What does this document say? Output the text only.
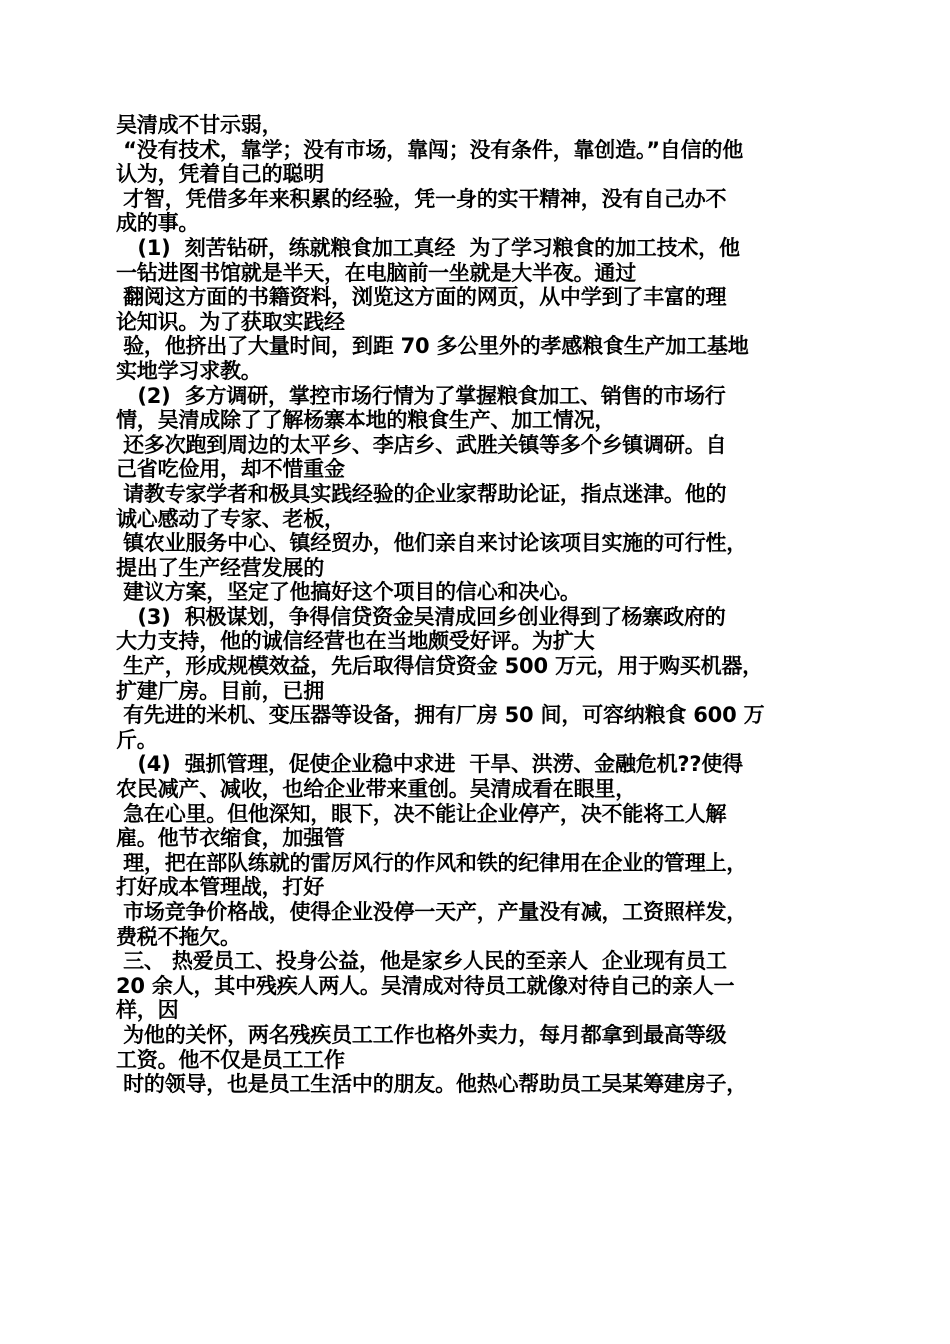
吴清成不甘示弱，
“没有技术，靠学；没有市场，靠闯；没有条件，靠创造。”自信的他
认为，凭着自己的聪明
才智，凭借多年来积累的经验，凭一身的实干精神，没有自己办不
成的事。
(1)  刻苦钻研，练就粮食加工真经  为了学习粮食的加工技术，他
一钻进图书馆就是半天，在电脑前一坐就是大半夜。通过
翻阅这方面的书籍资料，浏览这方面的网页，从中学到了丰富的理
论知识。为了获取实践经
验，他挤出了大量时间，到距 70 多公里外的孝感粮食生产加工基地
实地学习求教。
(2)  多方调研，掌控市场行情为了掌握粮食加工、销售的市场行
情，吴清成除了了解杨寨本地的粮食生产、加工情况，
还多次跑到周边的太平乡、李店乡、武胜关镇等多个乡镇调研。自
己省吃俭用，却不惜重金
请教专家学者和极具实践经验的企业家帮助论证，指点迷津。他的
诚心感动了专家、老板，
镇农业服务中心、镇经贸办，他们亲自来讨论该项目实施的可行性，
提出了生产经营发展的
建议方案，坚定了他搞好这个项目的信心和决心。
(3)  积极谋划，争得信贷资金吴清成回乡创业得到了杨寨政府的
大力支持，他的诚信经营也在当地颇受好评。为扩大
生产，形成规模效益，先后取得信贷资金 500 万元，用于购买机器，
扩建厂房。目前，已拥
有先进的米机、变压器等设备，拥有厂房 50 间，可容纳粮食 600 万
斤。
(4)  强抓管理，促使企业稳中求进  干旱、洪涝、金融危机??使得
农民减产、减收，也给企业带来重创。吴清成看在眼里，
急在心里。但他深知，眼下，决不能让企业停产，决不能将工人解
雇。他节衣缩食，加强管
理，把在部队练就的雷厉风行的作风和铁的纪律用在企业的管理上，
打好成本管理战，打好
市场竞争价格战，使得企业没停一天产，产量没有减，工资照样发，
费税不拖欠。
三、 热爱员工、投身公益，他是家乡人民的至亲人  企业现有员工
20 余人，其中残疾人两人。吴清成对待员工就像对待自己的亲人一
样，因
为他的关怀，两名残疾员工工作也格外卖力，每月都拿到最高等级
工资。他不仅是员工工作
时的领导，也是员工生活中的朋友。他热心帮助员工吴某筹建房子，
